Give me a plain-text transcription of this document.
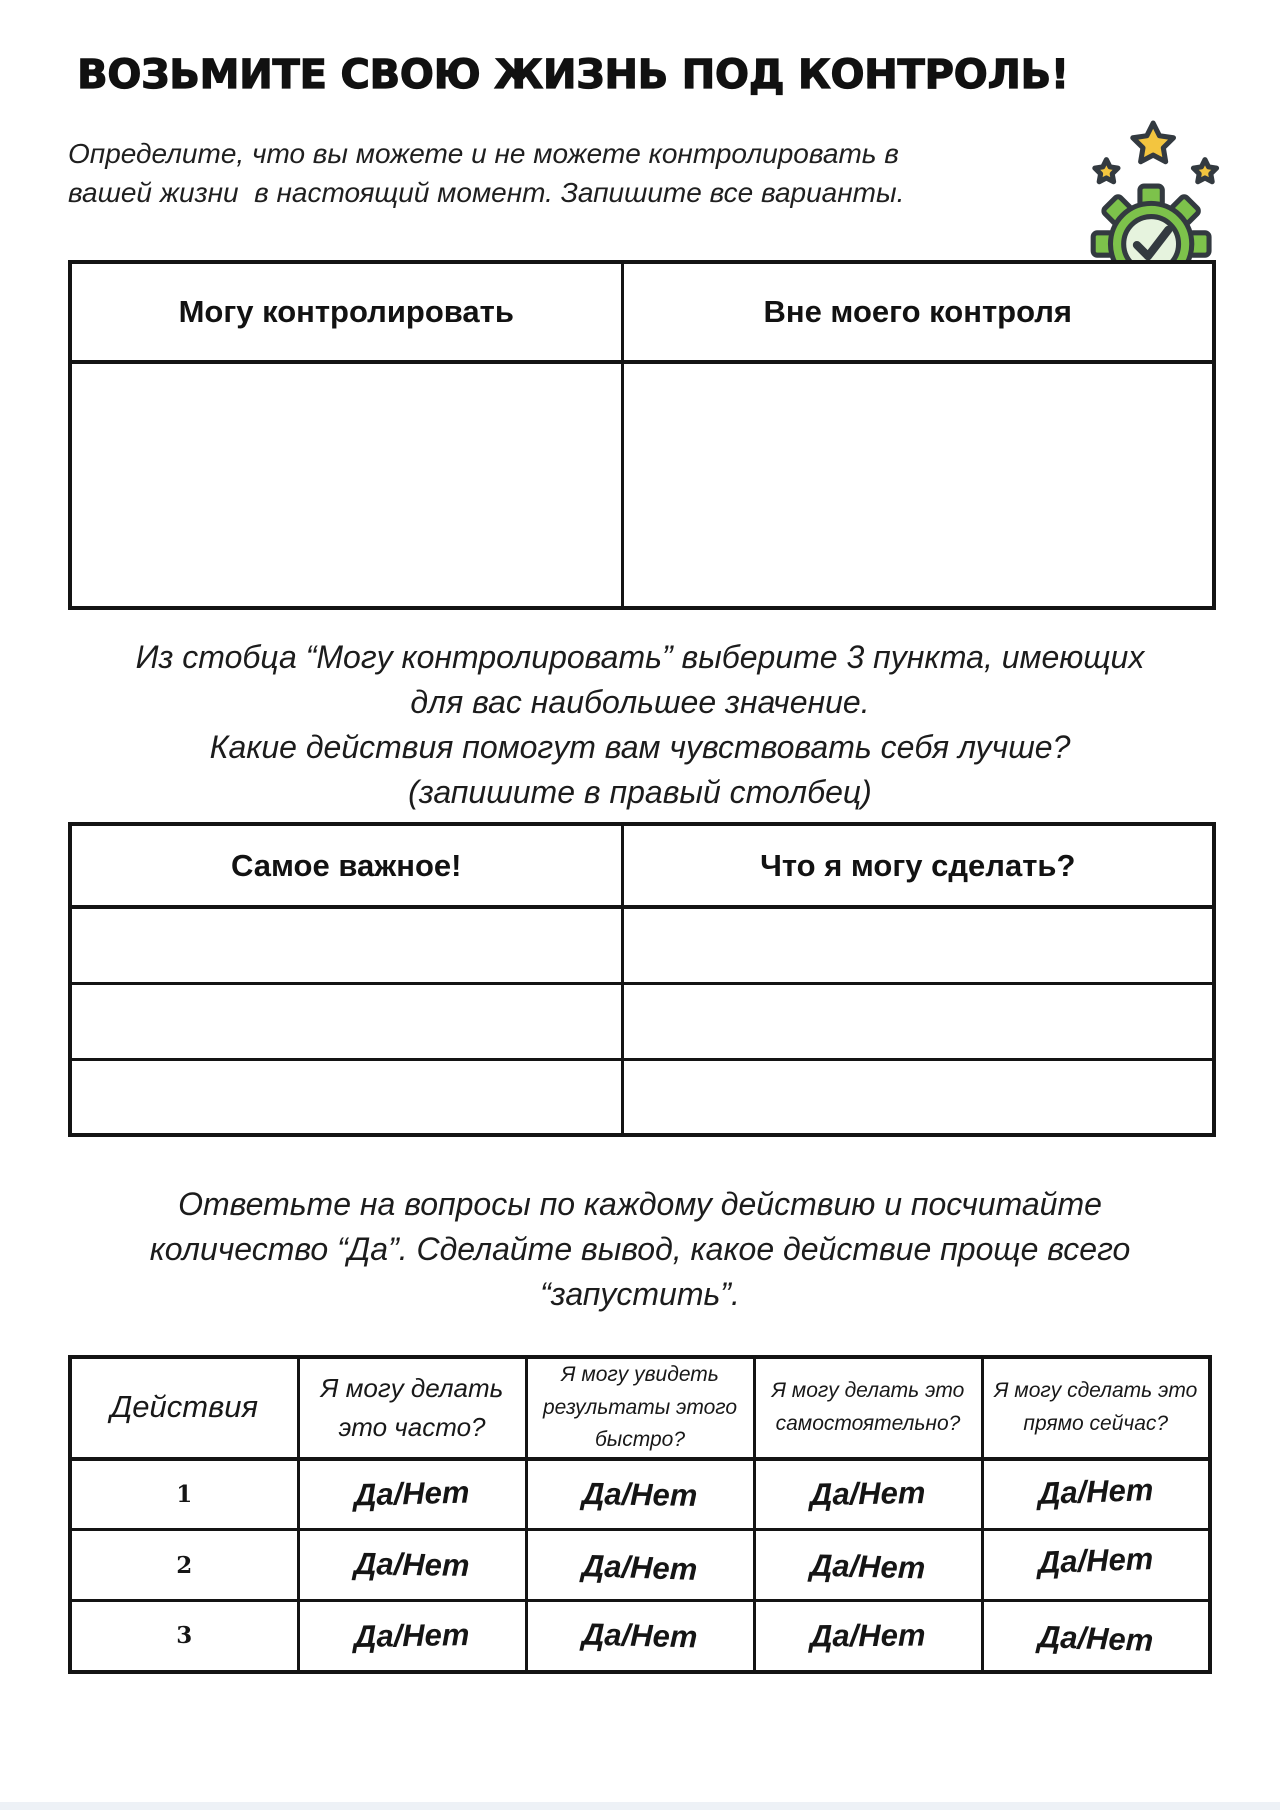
ВОЗЬМИТЕ СВОЮ ЖИЗНЬ ПОД КОНТРОЛЬ!
Определите, что вы можете и не можете контролировать в
вашей жизни  в настоящий момент. Запишите все варианты.
Могу контролировать	Вне моего контроля

Из стобца “Могу контролировать” выберите 3 пункта, имеющих
для вас наибольшее значение.
Какие действия помогут вам чувствовать себя лучше?
(запишите в правый столбец)
Самое важное!	Что я могу сделать?

Ответьте на вопросы по каждому действию и посчитайте
количество “Да”. Сделайте вывод, какое действие проще всего
“запустить”.
Действия	Я могу делать это часто?	Я могу увидеть результаты этого быстро?	Я могу делать это самостоятельно?	Я могу сделать это прямо сейчас?
1	Да/Нет	Да/Нет	Да/Нет	Да/Нет
2	Да/Нет	Да/Нет	Да/Нет	Да/Нет
3	Да/Нет	Да/Нет	Да/Нет	Да/Нет
